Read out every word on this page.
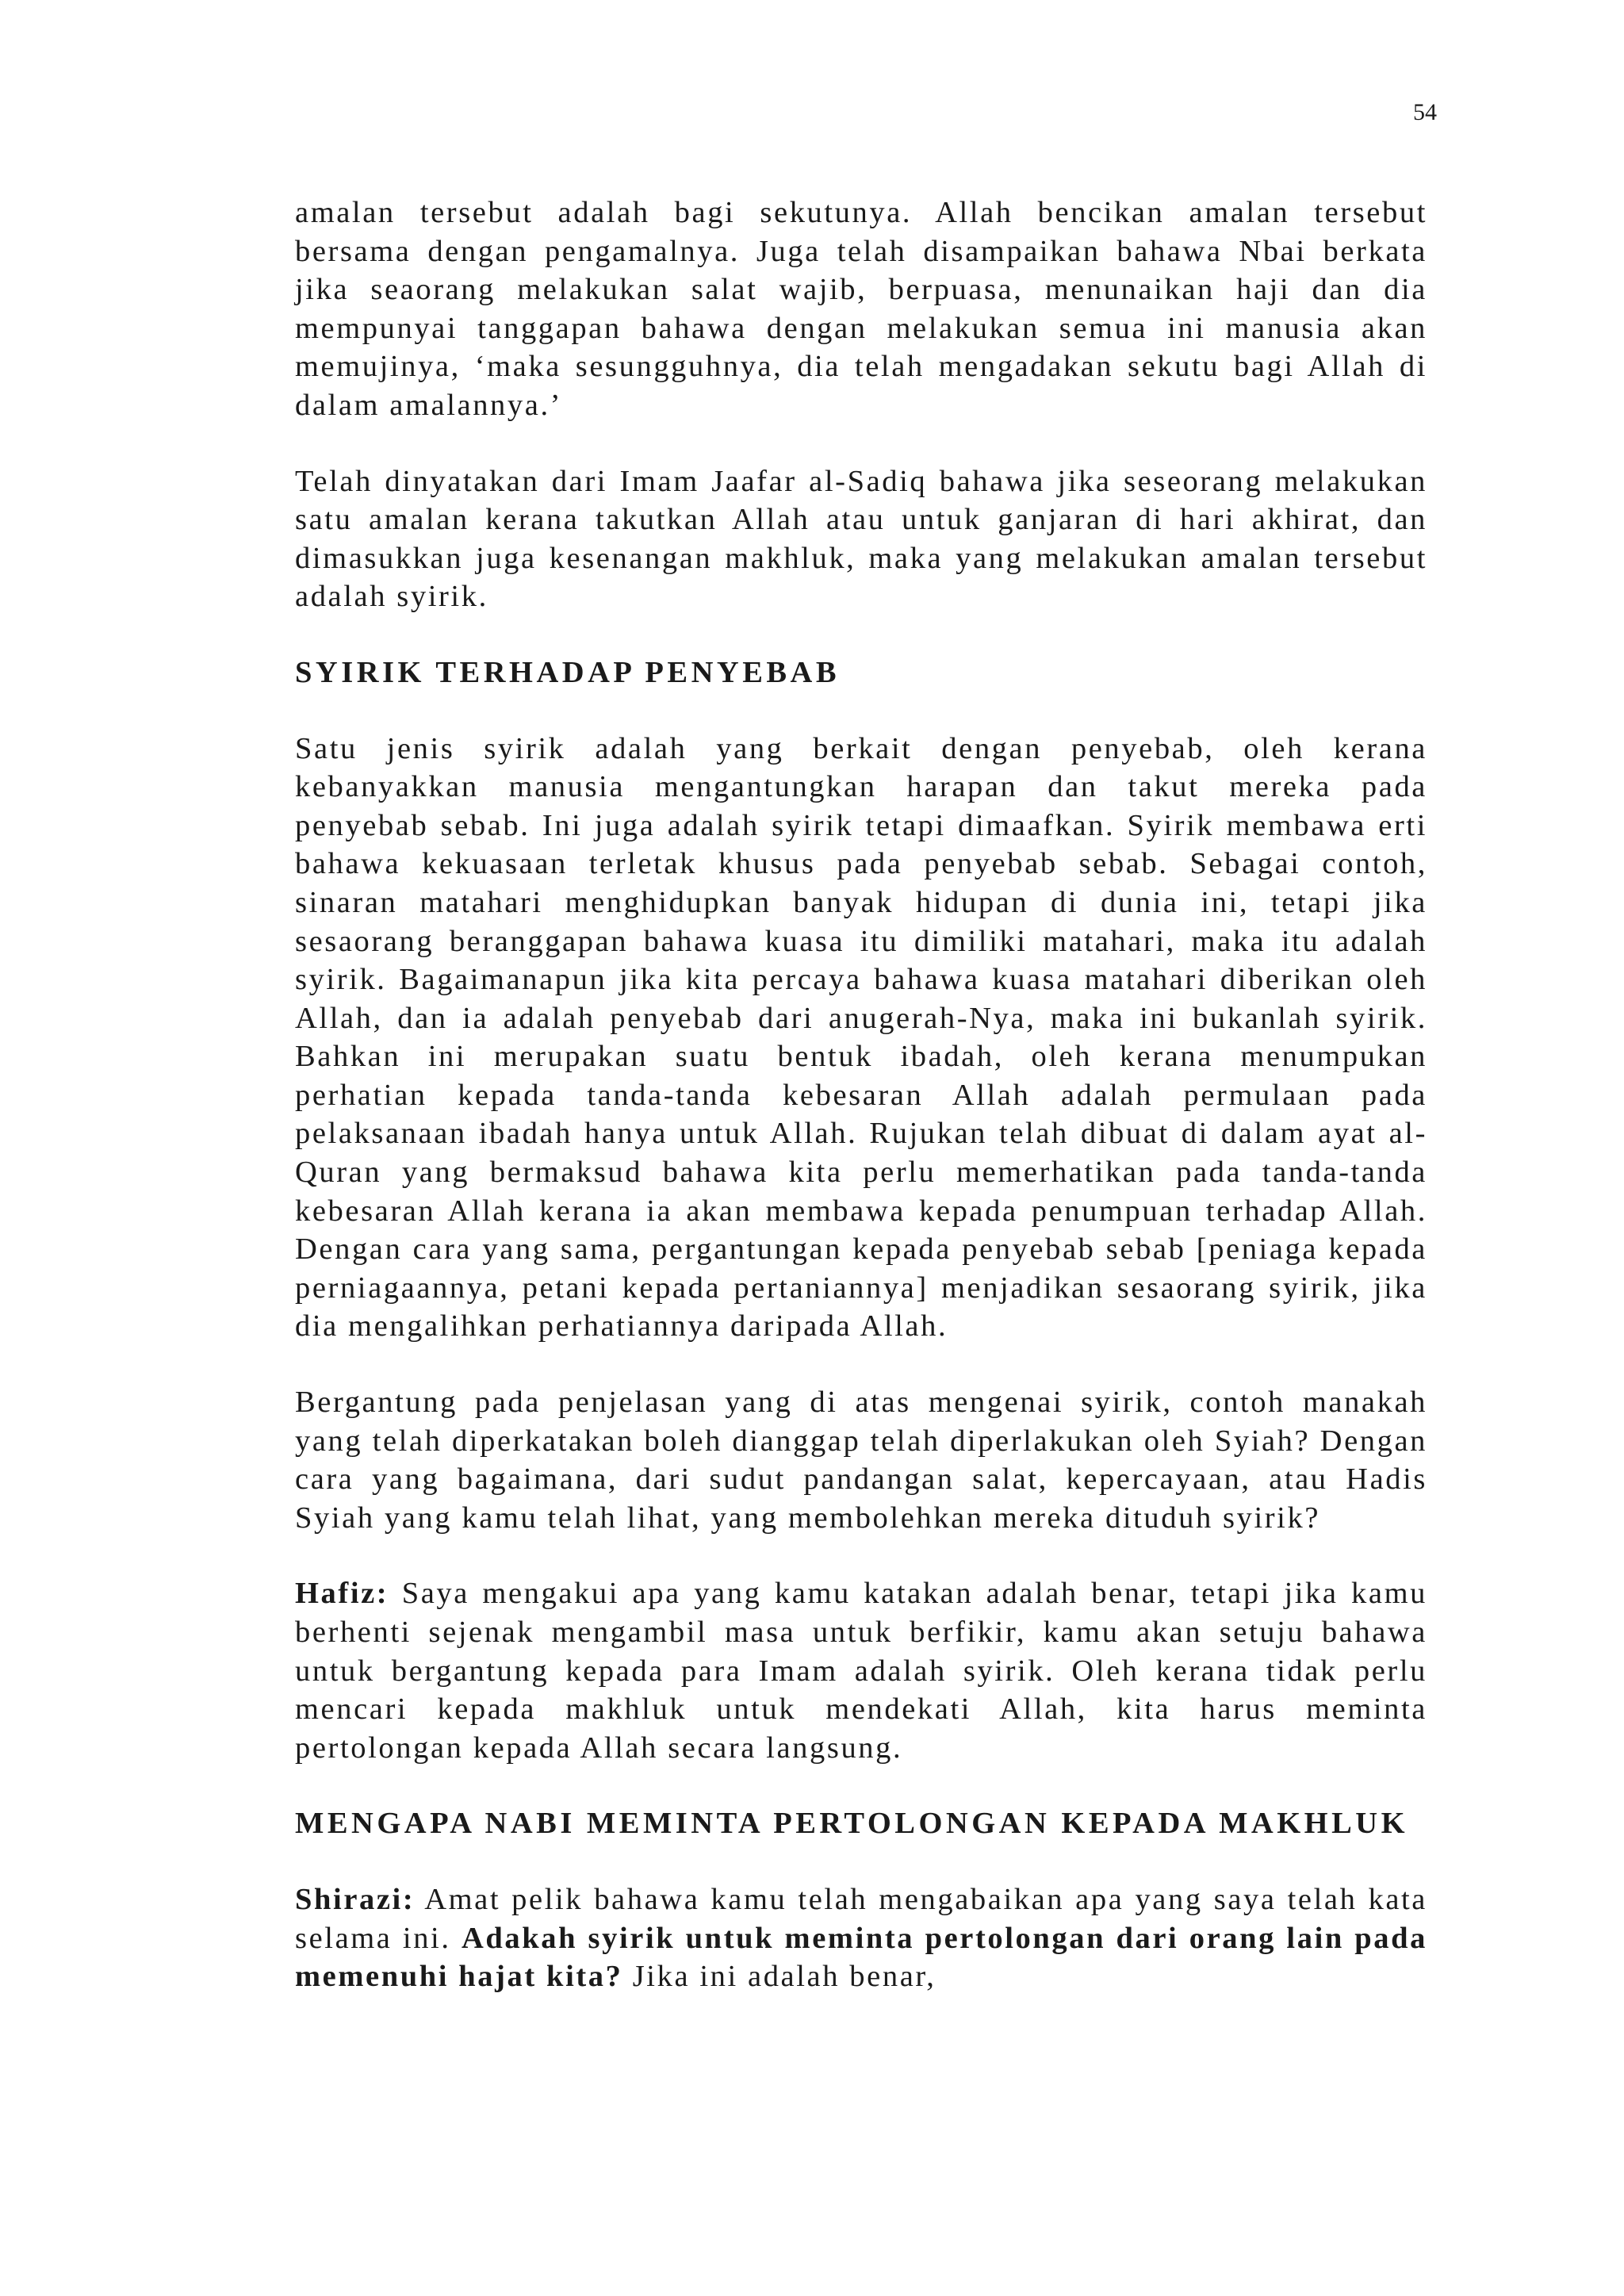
54

amalan tersebut adalah bagi sekutunya. Allah bencikan amalan tersebut bersama dengan pengamalnya. Juga telah disampaikan bahawa Nbai berkata jika seaorang melakukan salat wajib, berpuasa, menunaikan haji dan dia mempunyai tanggapan bahawa dengan melakukan semua ini manusia akan memujinya, ‘maka sesungguhnya, dia telah mengadakan sekutu bagi Allah di dalam amalannya.’

Telah dinyatakan dari Imam Jaafar al-Sadiq bahawa jika seseorang melakukan satu amalan kerana takutkan Allah atau untuk ganjaran di hari akhirat, dan dimasukkan juga kesenangan makhluk, maka yang melakukan amalan tersebut adalah syirik.

SYIRIK TERHADAP PENYEBAB

Satu jenis syirik adalah yang berkait dengan penyebab, oleh kerana kebanyakkan manusia mengantungkan harapan dan takut mereka pada penyebab sebab. Ini juga adalah syirik tetapi dimaafkan. Syirik membawa erti bahawa kekuasaan terletak khusus pada penyebab sebab. Sebagai contoh, sinaran matahari menghidupkan banyak hidupan di dunia ini, tetapi jika sesaorang beranggapan bahawa kuasa itu dimiliki matahari, maka itu adalah syirik. Bagaimanapun jika kita percaya bahawa kuasa matahari diberikan oleh Allah, dan ia adalah penyebab dari anugerah-Nya, maka ini bukanlah syirik. Bahkan ini merupakan suatu bentuk ibadah, oleh kerana menumpukan perhatian kepada tanda-tanda kebesaran Allah adalah permulaan pada pelaksanaan ibadah hanya untuk Allah. Rujukan telah dibuat di dalam ayat al-Quran yang bermaksud bahawa kita perlu memerhatikan pada tanda-tanda kebesaran Allah kerana ia akan membawa kepada penumpuan terhadap Allah. Dengan cara yang sama, pergantungan kepada penyebab sebab [peniaga kepada perniagaannya, petani kepada pertaniannya] menjadikan sesaorang syirik, jika dia mengalihkan perhatiannya daripada Allah.

Bergantung pada penjelasan yang di atas mengenai syirik, contoh manakah yang telah diperkatakan boleh dianggap telah diperlakukan oleh Syiah? Dengan cara yang bagaimana, dari sudut pandangan salat, kepercayaan, atau Hadis Syiah yang kamu telah lihat, yang membolehkan mereka dituduh syirik?

Hafiz: Saya mengakui apa yang kamu katakan adalah benar, tetapi jika kamu berhenti sejenak mengambil masa untuk berfikir, kamu akan setuju bahawa untuk bergantung kepada para Imam adalah syirik. Oleh kerana tidak perlu mencari kepada makhluk untuk mendekati Allah, kita harus meminta pertolongan kepada Allah secara langsung.

MENGAPA NABI MEMINTA PERTOLONGAN KEPADA MAKHLUK

Shirazi: Amat pelik bahawa kamu telah mengabaikan apa yang saya telah kata selama ini. Adakah syirik untuk meminta pertolongan dari orang lain pada memenuhi hajat kita? Jika ini adalah benar,
